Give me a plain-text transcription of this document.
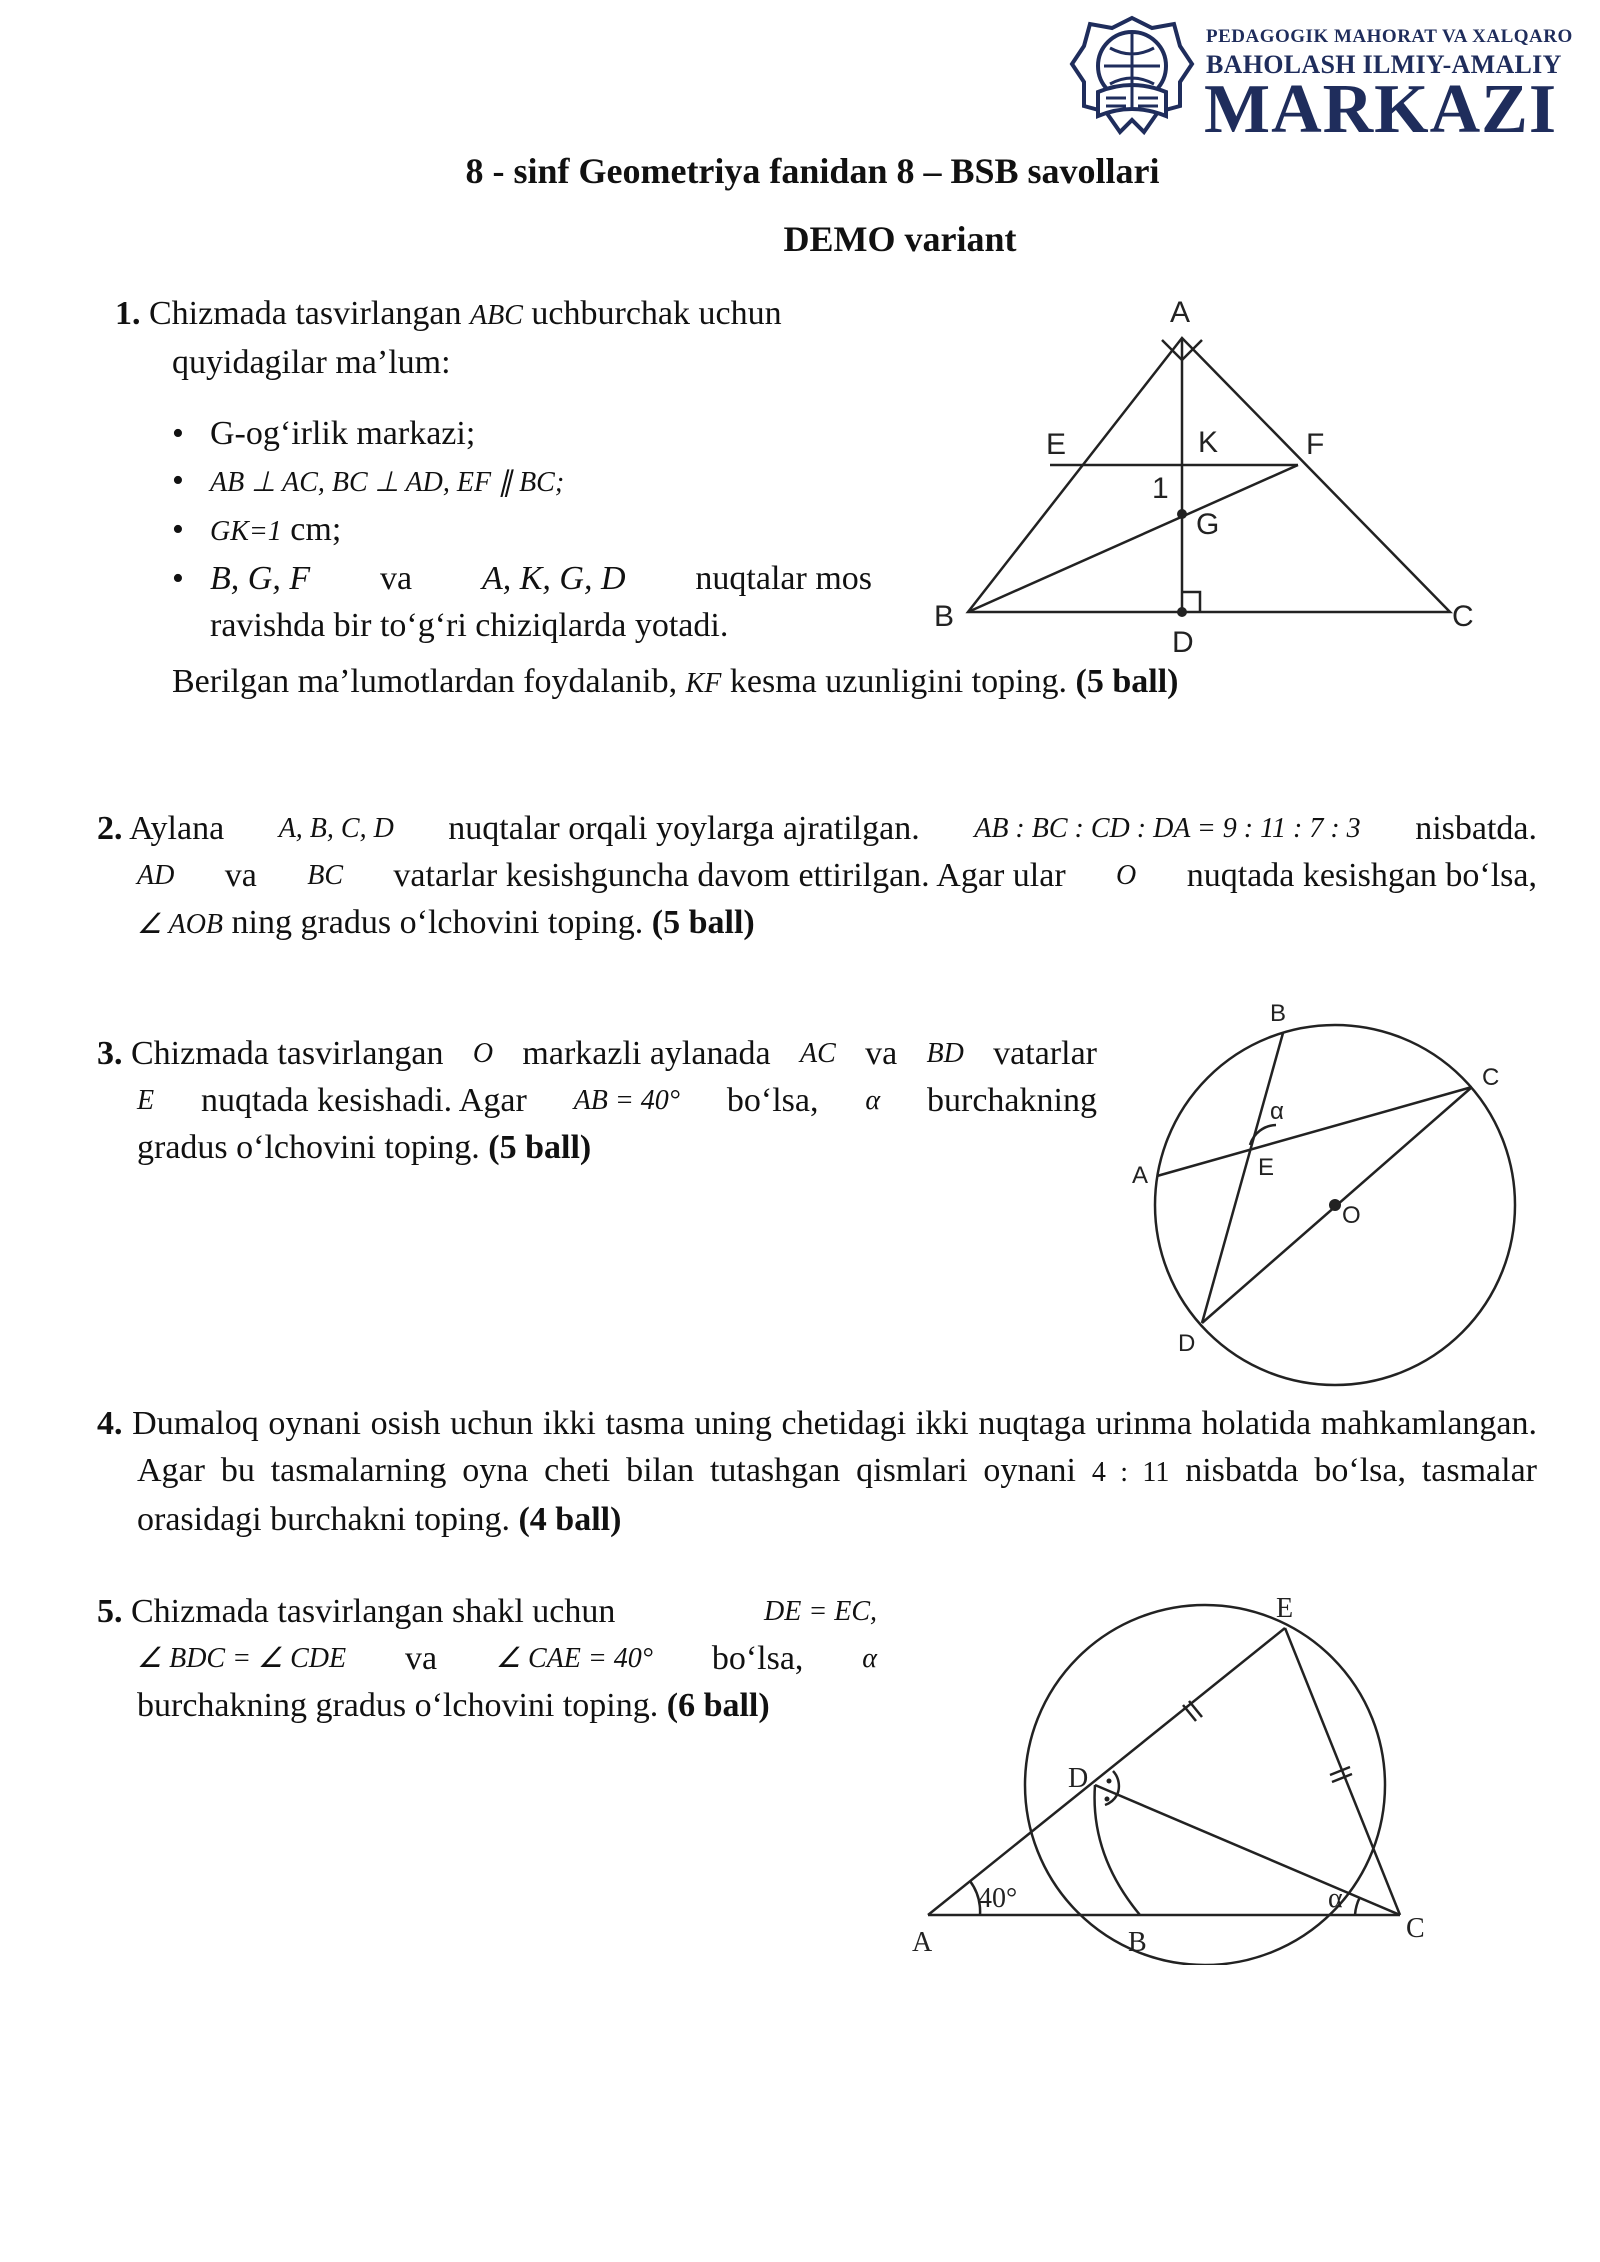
PEDAGOGIK MAHORAT VA XALQARO
BAHOLASH ILMIY-AMALIY
MARKAZI
8 - sinf Geometriya fanidan 8 – BSB savollari
DEMO variant
1. Chizmada tasvirlangan ABC uchburchak uchun
quyidagilar ma’lum:
• G-og‘irlik markazi;
• AB ⊥ AC, BC ⊥ AD, EF ∥ BC;
• GK=1 cm;
• B, G, F va A, K, G, D nuqtalar mos
ravishda bir to‘g‘ri chiziqlarda yotadi.
Berilgan ma’lumotlardan foydalanib, KF kesma uzunligini toping. (5 ball)
A
B	C
D
E	F
K
G
1
2. Aylana A, B, C, D nuqtalar orqali yoylarga ajratilgan. AB : BC : CD : DA = 9 : 11 : 7 : 3 nisbatda.
AD va BC vatarlar kesishguncha davom ettirilgan. Agar ular O nuqtada kesishgan bo‘lsa,
∠ AOB ning gradus o‘lchovini toping. (5 ball)
3. Chizmada tasvirlangan O markazli aylanada AC va BD vatarlar
E nuqtada kesishadi. Agar AB = 40° bo‘lsa, α burchakning
gradus o‘lchovini toping. (5 ball)
A
B
C
D
E
O
α
4. Dumaloq oynani osish uchun ikki tasma uning chetidagi ikki nuqtaga urinma holatida mahkamlangan. Agar bu tasmalarning oyna cheti bilan tutashgan qismlari oynani 4 : 11 nisbatda bo‘lsa, tasmalar orasidagi burchakni toping. (4 ball)
5. Chizmada tasvirlangan shakl uchun	DE = EC,
∠ BDC = ∠ CDE va ∠ CAE = 40° bo‘lsa, α
burchakning gradus o‘lchovini toping. (6 ball)
A	B	C
D
E
40°	α
